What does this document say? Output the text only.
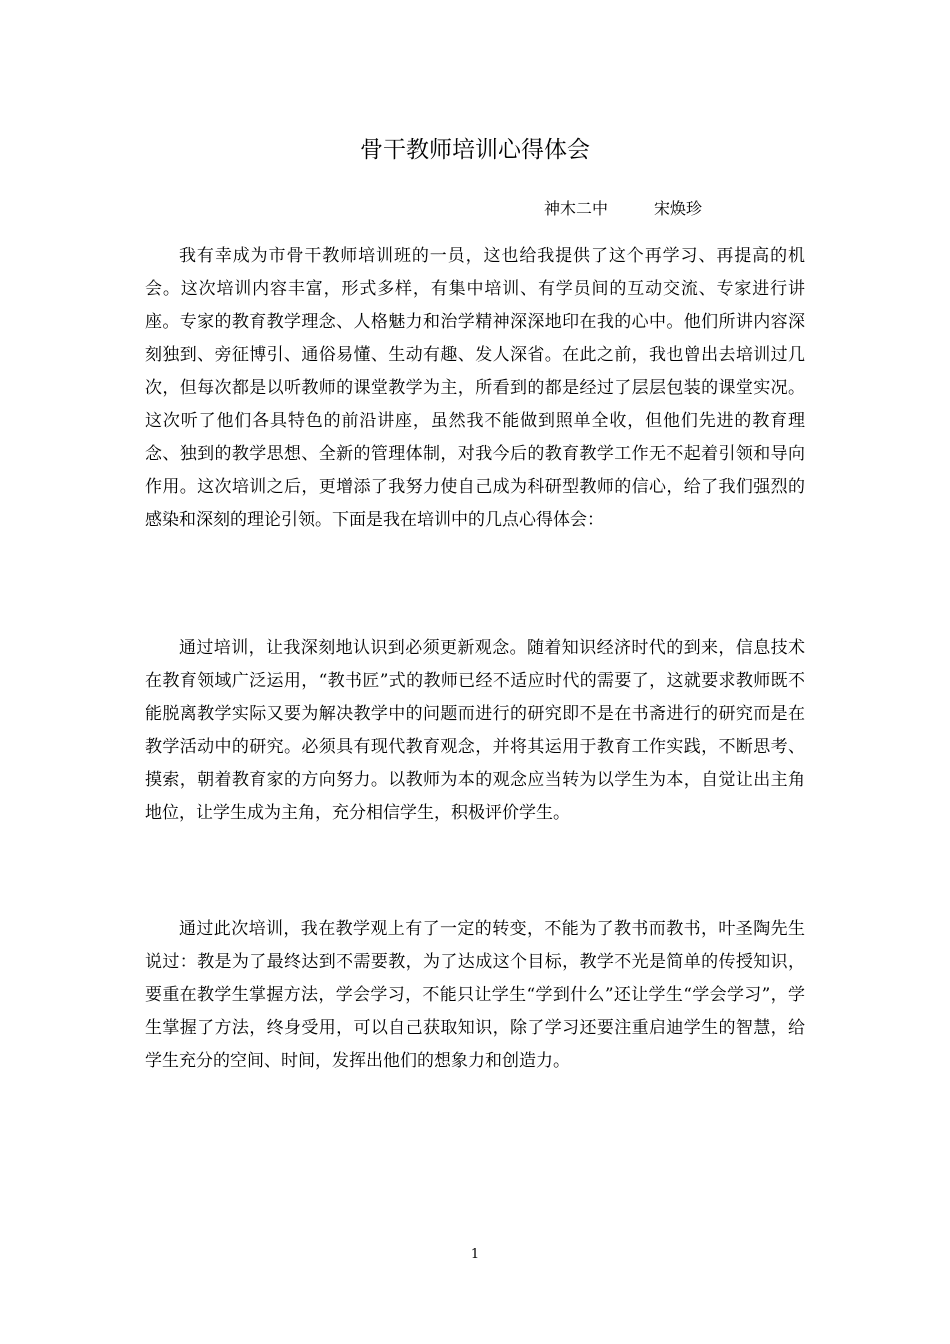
骨干教师培训心得体会
神木二中	宋焕珍

我有幸成为市骨干教师培训班的一员，这也给我提供了这个再学习、再提高的机会。这次培训内容丰富，形式多样，有集中培训、有学员间的互动交流、专家进行讲座。专家的教育教学理念、人格魅力和治学精神深深地印在我的心中。他们所讲内容深刻独到、旁征博引、通俗易懂、生动有趣、发人深省。在此之前，我也曾出去培训过几次，但每次都是以听教师的课堂教学为主，所看到的都是经过了层层包装的课堂实况。这次听了他们各具特色的前沿讲座，虽然我不能做到照单全收，但他们先进的教育理念、独到的教学思想、全新的管理体制，对我今后的教育教学工作无不起着引领和导向作用。这次培训之后，更增添了我努力使自己成为科研型教师的信心，给了我们强烈的感染和深刻的理论引领。下面是我在培训中的几点心得体会：

通过培训，让我深刻地认识到必须更新观念。随着知识经济时代的到来，信息技术在教育领域广泛运用，“教书匠”式的教师已经不适应时代的需要了，这就要求教师既不能脱离教学实际又要为解决教学中的问题而进行的研究即不是在书斋进行的研究而是在教学活动中的研究。必须具有现代教育观念，并将其运用于教育工作实践，不断思考、摸索，朝着教育家的方向努力。以教师为本的观念应当转为以学生为本，自觉让出主角地位，让学生成为主角，充分相信学生，积极评价学生。

通过此次培训，我在教学观上有了一定的转变，不能为了教书而教书，叶圣陶先生说过：教是为了最终达到不需要教，为了达成这个目标，教学不光是简单的传授知识，要重在教学生掌握方法，学会学习，不能只让学生“学到什么”还让学生“学会学习”，学生掌握了方法，终身受用，可以自己获取知识，除了学习还要注重启迪学生的智慧，给学生充分的空间、时间，发挥出他们的想象力和创造力。

1
